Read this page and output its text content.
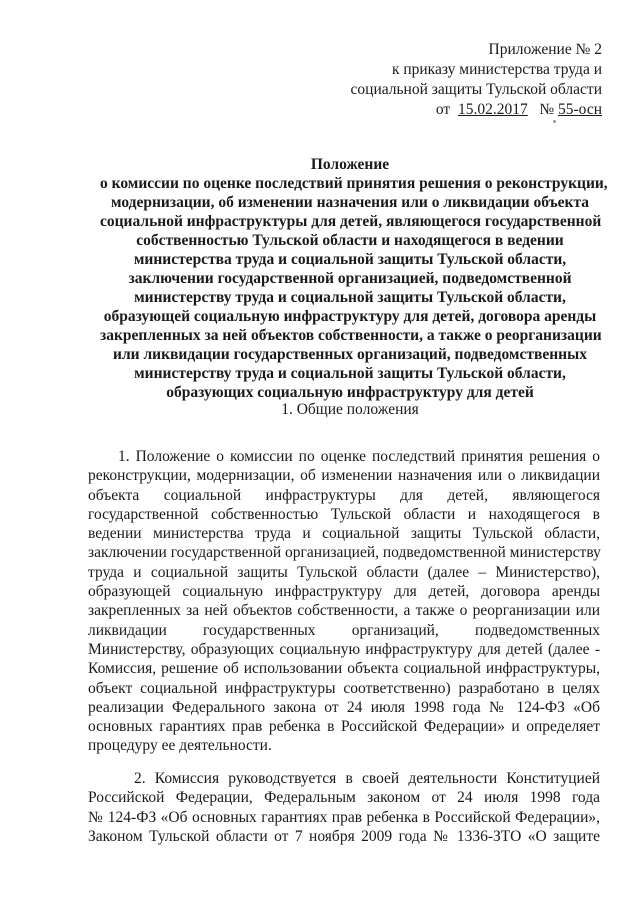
Приложение № 2
к приказу министерства труда и
социальной защиты Тульской области
от 15.02.2017 № 55-осн
Положение
о комиссии по оценке последствий принятия решения о реконструкции,
модернизации, об изменении назначения или о ликвидации объекта
социальной инфраструктуры для детей, являющегося государственной
собственностью Тульской области и находящегося в ведении
министерства труда и социальной защиты Тульской области,
заключении государственной организацией, подведомственной
министерству труда и социальной защиты Тульской области,
образующей социальную инфраструктуру для детей, договора аренды
закрепленных за ней объектов собственности, а также о реорганизации
или ликвидации государственных организаций, подведомственных
министерству труда и социальной защиты Тульской области,
образующих социальную инфраструктуру для детей
1. Общие положения
1. Положение о комиссии по оценке последствий принятия решения о
реконструкции, модернизации, об изменении назначения или о ликвидации
объекта социальной инфраструктуры для детей, являющегося
государственной собственностью Тульской области и находящегося в
ведении министерства труда и социальной защиты Тульской области,
заключении государственной организацией, подведомственной министерству
труда и социальной защиты Тульской области (далее – Министерство),
образующей социальную инфраструктуру для детей, договора аренды
закрепленных за ней объектов собственности, а также о реорганизации или
ликвидации государственных организаций, подведомственных
Министерству, образующих социальную инфраструктуру для детей (далее -
Комиссия, решение об использовании объекта социальной инфраструктуры,
объект социальной инфраструктуры соответственно) разработано в целях
реализации Федерального закона от 24 июля 1998 года № 124-ФЗ «Об
основных гарантиях прав ребенка в Российской Федерации» и определяет
процедуру ее деятельности.
2. Комиссия руководствуется в своей деятельности Конституцией
Российской Федерации, Федеральным законом от 24 июля 1998 года
№ 124-ФЗ «Об основных гарантиях прав ребенка в Российской Федерации»,
Законом Тульской области от 7 ноября 2009 года № 1336-ЗТО «О защите
